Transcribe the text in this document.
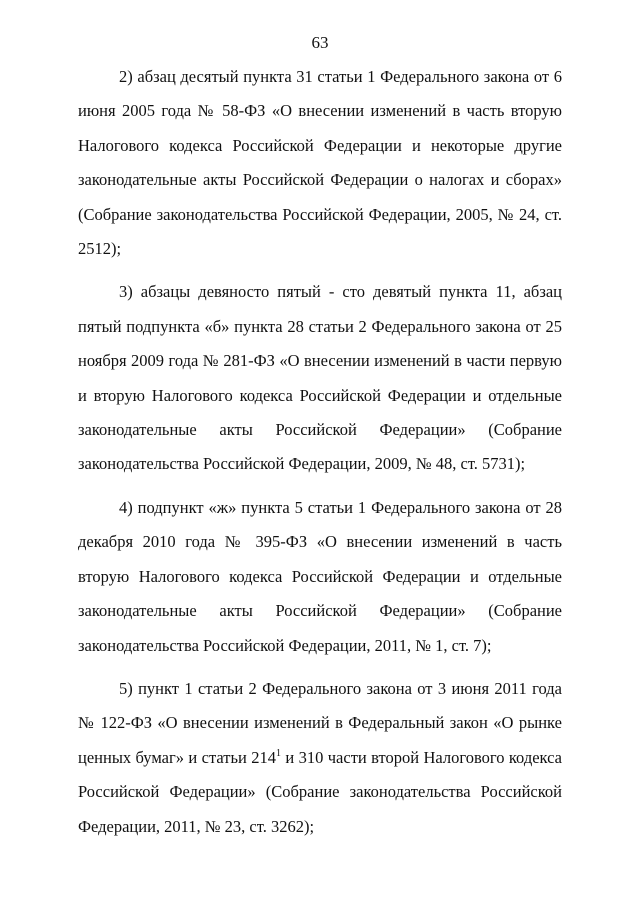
63

2) абзац десятый пункта 31 статьи 1 Федерального закона от 6 июня 2005 года № 58-ФЗ «О внесении изменений в часть вторую Налогового кодекса Российской Федерации и некоторые другие законодательные акты Российской Федерации о налогах и сборах» (Собрание законодательства Российской Федерации, 2005, № 24, ст. 2512);

3) абзацы девяносто пятый - сто девятый пункта 11, абзац пятый подпункта «б» пункта 28 статьи 2 Федерального закона от 25 ноября 2009 года № 281-ФЗ «О внесении изменений в части первую и вторую Налогового кодекса Российской Федерации и отдельные законодательные акты Российской Федерации» (Собрание законодательства Российской Федерации, 2009, № 48, ст. 5731);

4) подпункт «ж» пункта 5 статьи 1 Федерального закона от 28 декабря 2010 года № 395-ФЗ «О внесении изменений в часть вторую Налогового кодекса Российской Федерации и отдельные законодательные акты Российской Федерации» (Собрание законодательства Российской Федерации, 2011, № 1, ст. 7);

5) пункт 1 статьи 2 Федерального закона от 3 июня 2011 года № 122-ФЗ «О внесении изменений в Федеральный закон «О рынке ценных бумаг» и статьи $214^1$ и 310 части второй Налогового кодекса Российской Федерации» (Собрание законодательства Российской Федерации, 2011, № 23, ст. 3262);
